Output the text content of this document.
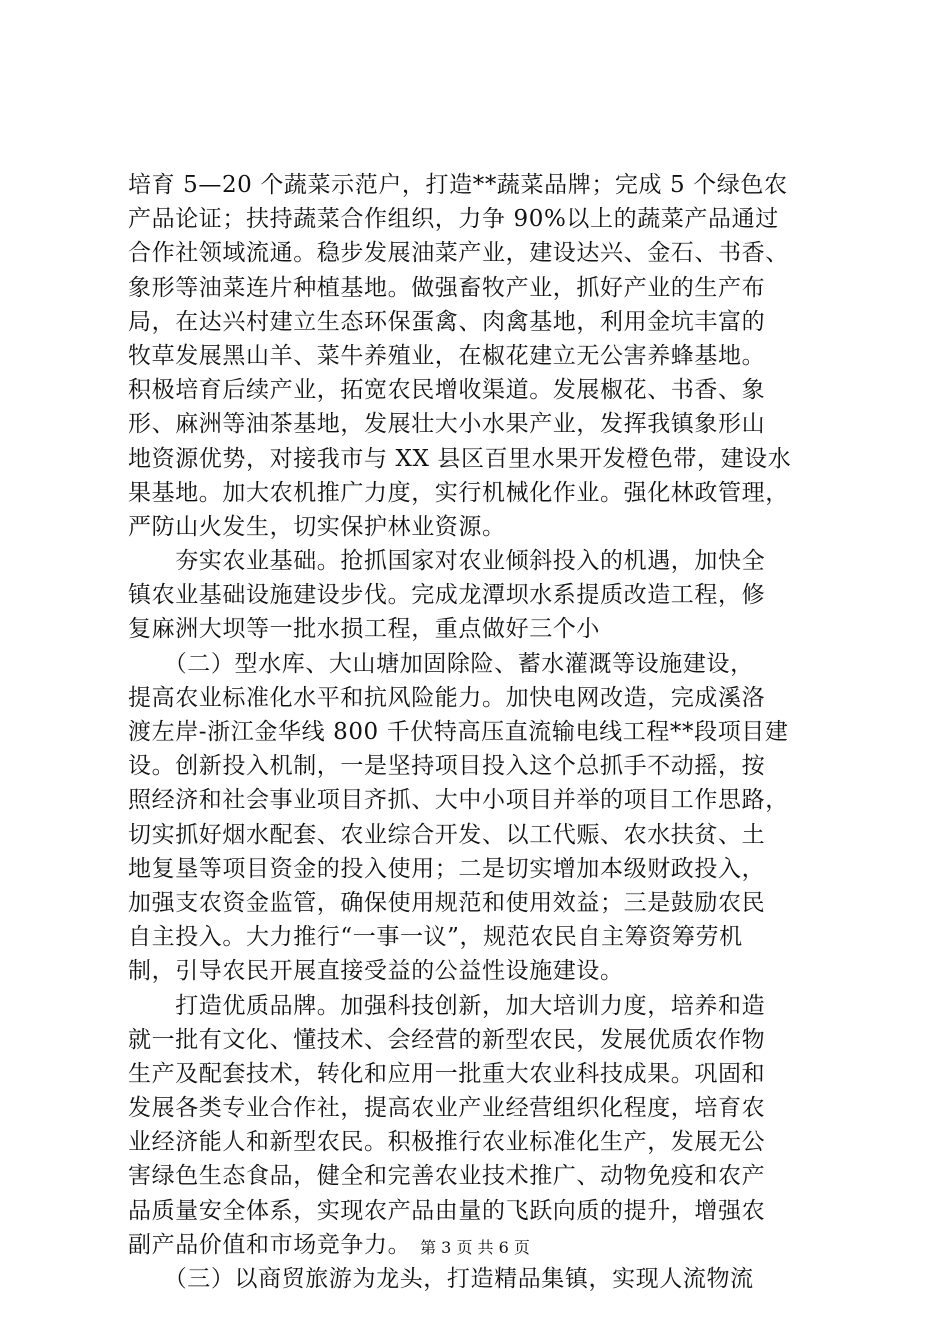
培育 5—20 个蔬菜示范户，打造**蔬菜品牌；完成 5 个绿色农
产品论证；扶持蔬菜合作组织，力争 90%以上的蔬菜产品通过
合作社领域流通。稳步发展油菜产业，建设达兴、金石、书香、
象形等油菜连片种植基地。做强畜牧产业，抓好产业的生产布
局，在达兴村建立生态环保蛋禽、肉禽基地，利用金坑丰富的
牧草发展黑山羊、菜牛养殖业，在椒花建立无公害养蜂基地。
积极培育后续产业，拓宽农民增收渠道。发展椒花、书香、象
形、麻洲等油茶基地，发展壮大小水果产业，发挥我镇象形山
地资源优势，对接我市与 XX 县区百里水果开发橙色带，建设水
果基地。加大农机推广力度，实行机械化作业。强化林政管理，
严防山火发生，切实保护林业资源。
　　夯实农业基础。抢抓国家对农业倾斜投入的机遇，加快全
镇农业基础设施建设步伐。完成龙潭坝水系提质改造工程，修
复麻洲大坝等一批水损工程，重点做好三个小
　　（二）型水库、大山塘加固除险、蓄水灌溉等设施建设，
提高农业标准化水平和抗风险能力。加快电网改造，完成溪洛
渡左岸-浙江金华线 800 千伏特高压直流输电线工程**段项目建
设。创新投入机制，一是坚持项目投入这个总抓手不动摇，按
照经济和社会事业项目齐抓、大中小项目并举的项目工作思路，
切实抓好烟水配套、农业综合开发、以工代赈、农水扶贫、土
地复垦等项目资金的投入使用；二是切实增加本级财政投入，
加强支农资金监管，确保使用规范和使用效益；三是鼓励农民
自主投入。大力推行“一事一议”，规范农民自主筹资筹劳机
制，引导农民开展直接受益的公益性设施建设。
　　打造优质品牌。加强科技创新，加大培训力度，培养和造
就一批有文化、懂技术、会经营的新型农民，发展优质农作物
生产及配套技术，转化和应用一批重大农业科技成果。巩固和
发展各类专业合作社，提高农业产业经营组织化程度，培育农
业经济能人和新型农民。积极推行农业标准化生产，发展无公
害绿色生态食品，健全和完善农业技术推广、动物免疫和农产
品质量安全体系，实现农产品由量的飞跃向质的提升，增强农
副产品价值和市场竞争力。
　　（三）以商贸旅游为龙头，打造精品集镇，实现人流物流
第 3 页 共 6 页
